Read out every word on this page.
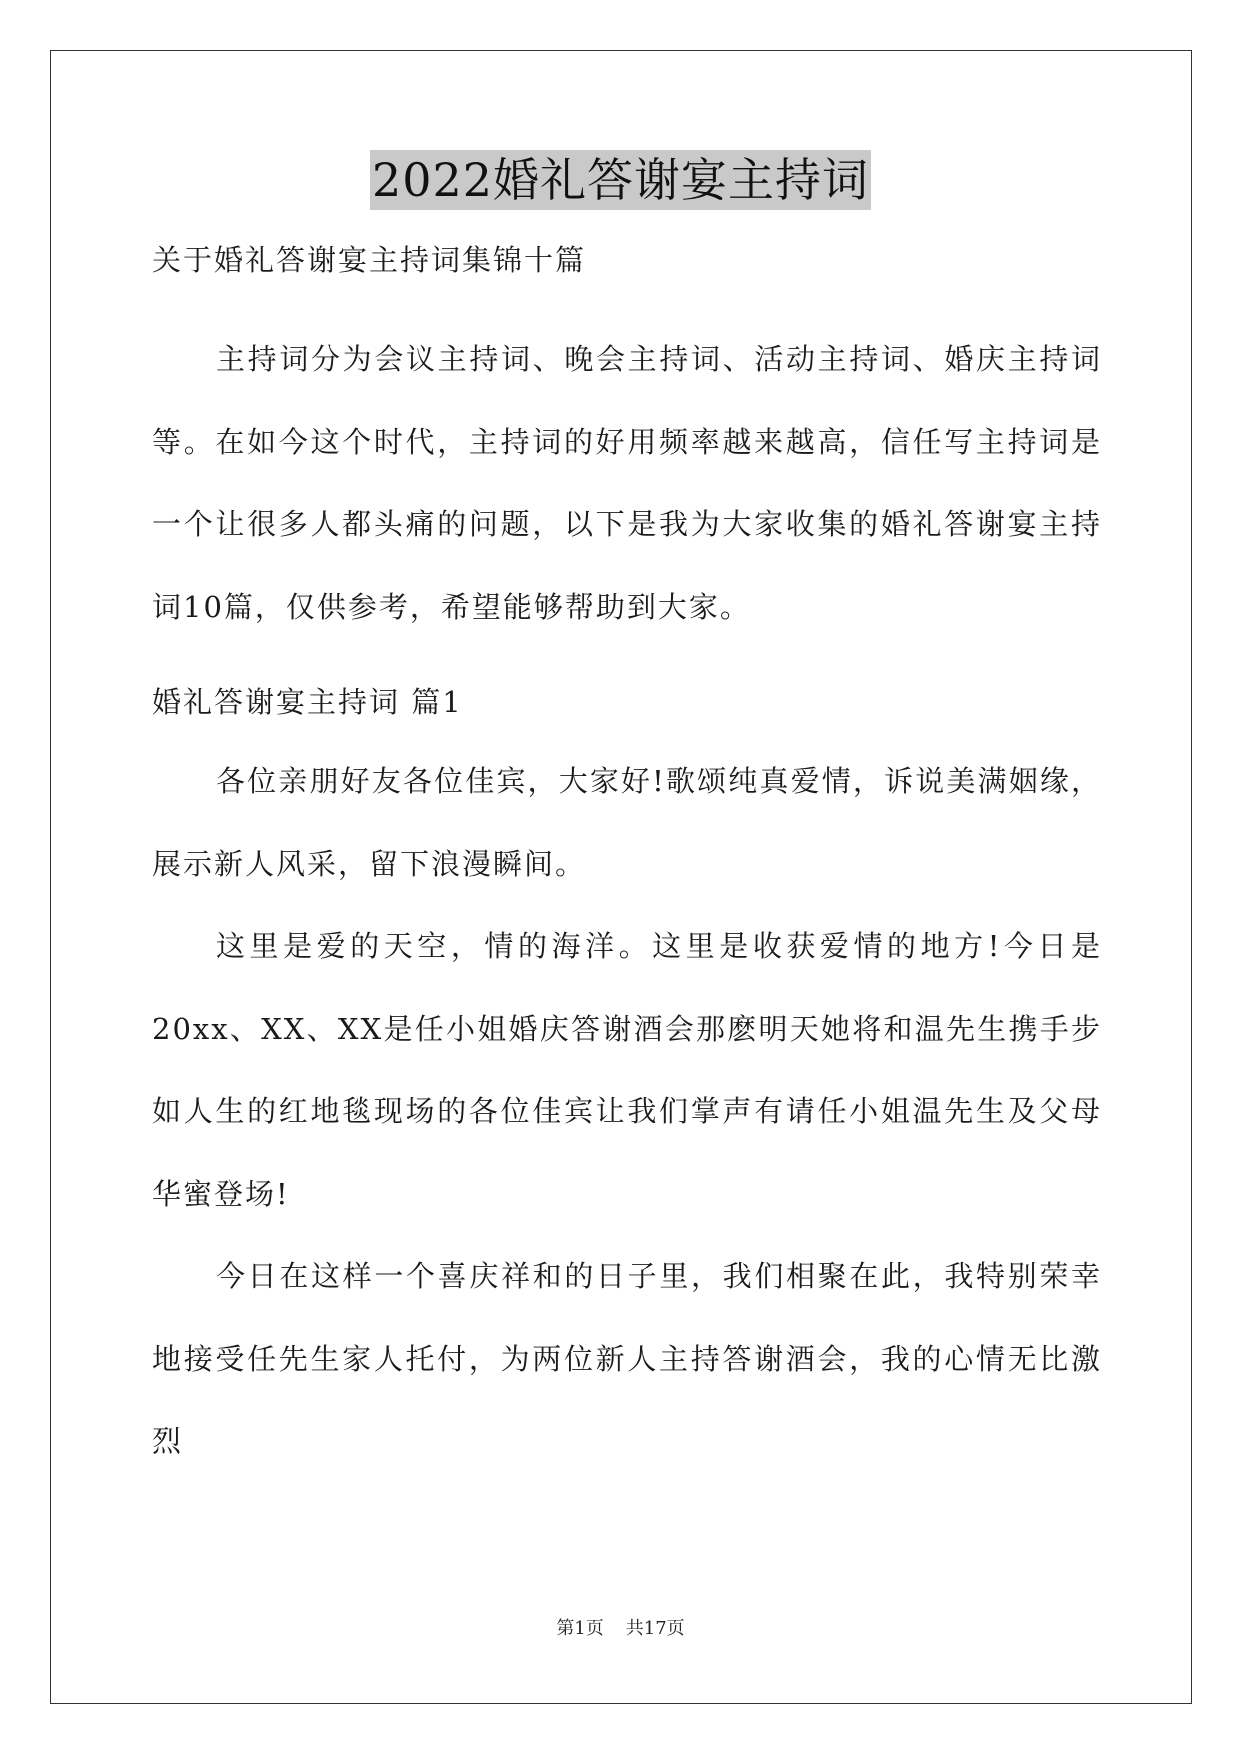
2022婚礼答谢宴主持词
关于婚礼答谢宴主持词集锦十篇

主持词分为会议主持词、晚会主持词、活动主持词、婚庆主持词等。在如今这个时代，主持词的好用频率越来越高，信任写主持词是一个让很多人都头痛的问题，以下是我为大家收集的婚礼答谢宴主持词10篇，仅供参考，希望能够帮助到大家。

婚礼答谢宴主持词 篇1

各位亲朋好友各位佳宾，大家好!歌颂纯真爱情，诉说美满姻缘，展示新人风采，留下浪漫瞬间。

这里是爱的天空，情的海洋。这里是收获爱情的地方!今日是20xx、XX、XX是任小姐婚庆答谢酒会那麽明天她将和温先生携手步如人生的红地毯现场的各位佳宾让我们掌声有请任小姐温先生及父母华蜜登场!

今日在这样一个喜庆祥和的日子里，我们相聚在此，我特别荣幸地接受任先生家人托付，为两位新人主持答谢酒会，我的心情无比激烈

第1页 共17页
